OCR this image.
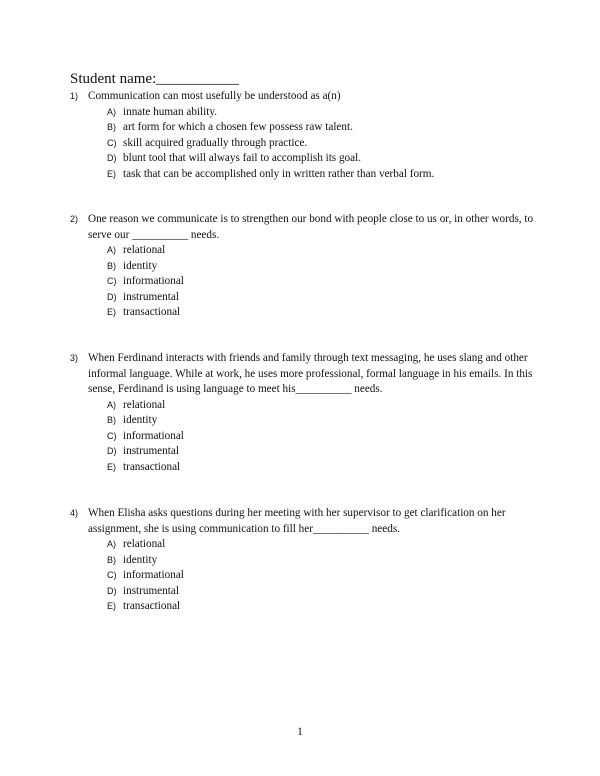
Student name:___________
1) Communication can most usefully be understood as a(n)
A) innate human ability.
B) art form for which a chosen few possess raw talent.
C) skill acquired gradually through practice.
D) blunt tool that will always fail to accomplish its goal.
E) task that can be accomplished only in written rather than verbal form.
2) One reason we communicate is to strengthen our bond with people close to us or, in other words, to serve our __________ needs.
A) relational
B) identity
C) informational
D) instrumental
E) transactional
3) When Ferdinand interacts with friends and family through text messaging, he uses slang and other informal language. While at work, he uses more professional, formal language in his emails. In this sense, Ferdinand is using language to meet his__________ needs.
A) relational
B) identity
C) informational
D) instrumental
E) transactional
4) When Elisha asks questions during her meeting with her supervisor to get clarification on her assignment, she is using communication to fill her__________ needs.
A) relational
B) identity
C) informational
D) instrumental
E) transactional
1
